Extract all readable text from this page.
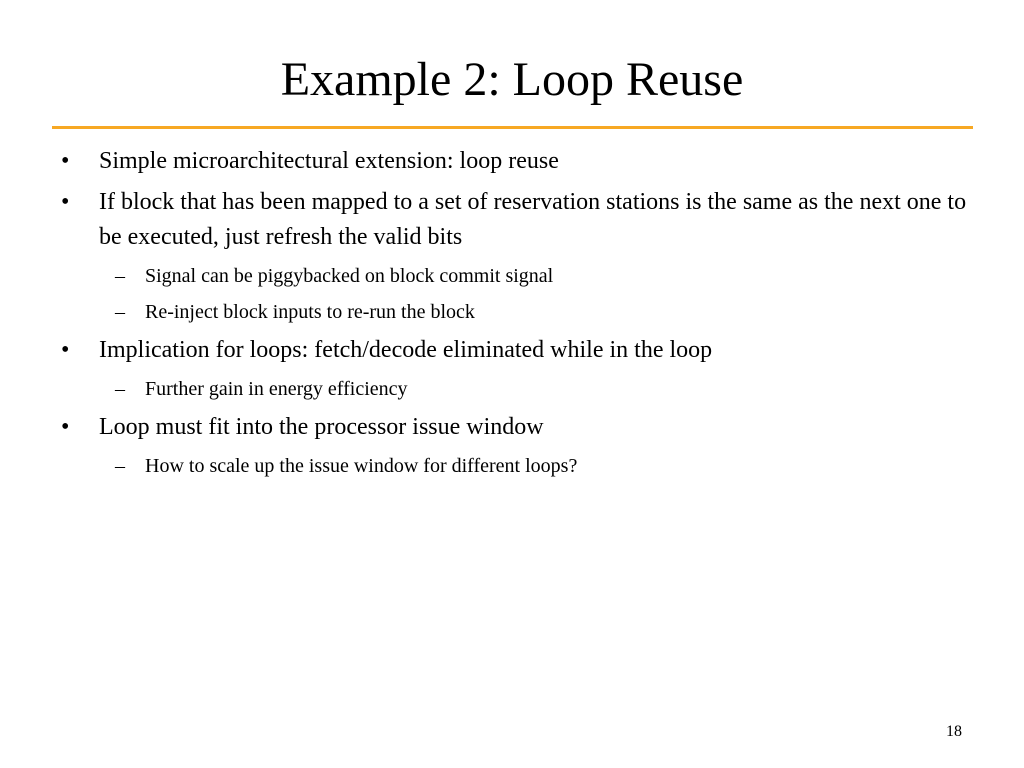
Example 2: Loop Reuse
• Simple microarchitectural extension: loop reuse
• If block that has been mapped to a set of reservation stations is the same as the next one to be executed, just refresh the valid bits
– Signal can be piggybacked on block commit signal
– Re-inject block inputs to re-run the block
• Implication for loops: fetch/decode eliminated while in the loop
– Further gain in energy efficiency
• Loop must fit into the processor issue window
– How to scale up the issue window for different loops?
18
